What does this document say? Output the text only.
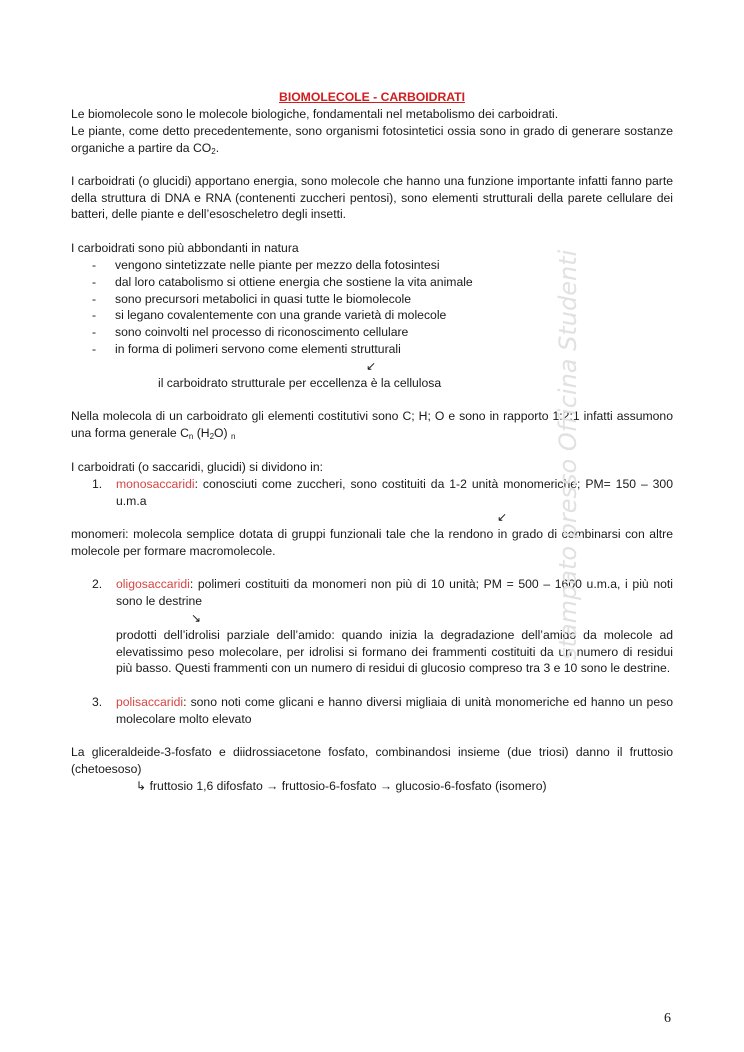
BIOMOLECOLE - CARBOIDRATI
Le biomolecole sono le molecole biologiche, fondamentali nel metabolismo dei carboidrati.
Le piante, come detto precedentemente, sono organismi fotosintetici ossia sono in grado di generare sostanze organiche a partire da $CO_2$.
I carboidrati (o glucidi) apportano energia, sono molecole che hanno una funzione importante infatti fanno parte della struttura di DNA e RNA (contenenti zuccheri pentosi), sono elementi strutturali della parete cellulare dei batteri, delle piante e dell’esoscheletro degli insetti.
I carboidrati sono più abbondanti in natura
- vengono sintetizzate nelle piante per mezzo della fotosintesi
- dal loro catabolismo si ottiene energia che sostiene la vita animale
- sono precursori metabolici in quasi tutte le biomolecole
- si legano covalentemente con una grande varietà di molecole
- sono coinvolti nel processo di riconoscimento cellulare
- in forma di polimeri servono come elementi strutturali
↙
il carboidrato strutturale per eccellenza è la cellulosa
Nella molecola di un carboidrato gli elementi costitutivi sono C; H; O e sono in rapporto 1:2:1 infatti assumono una forma generale $C_n$ $(H_2O)$ $_n$
I carboidrati (o saccaridi, glucidi) si dividono in:
1. monosaccaridi: conosciuti come zuccheri, sono costituiti da 1-2 unità monomeriche; PM= 150 – 300 u.m.a
↙
monomeri: molecola semplice dotata di gruppi funzionali tale che la rendono in grado di combinarsi con altre molecole per formare macromolecole.
2. oligosaccaridi: polimeri costituiti da monomeri non più di 10 unità; PM = 500 – 1600 u.m.a, i più noti sono le destrine
↘
prodotti dell’idrolisi parziale dell’amido: quando inizia la degradazione dell’amido da molecole ad elevatissimo peso molecolare, per idrolisi si formano dei frammenti costituiti da un numero di residui più basso. Questi frammenti con un numero di residui di glucosio compreso tra 3 e 10 sono le destrine.
3. polisaccaridi: sono noti come glicani e hanno diversi migliaia di unità monomeriche ed hanno un peso molecolare molto elevato
La gliceraldeide-3-fosfato e diidrossiacetone fosfato, combinandosi insieme (due triosi) danno il fruttosio (chetoesoso)
↳ fruttosio 1,6 difosfato → fruttosio-6-fosfato → glucosio-6-fosfato (isomero)
stampato presso Officina Studenti
6
